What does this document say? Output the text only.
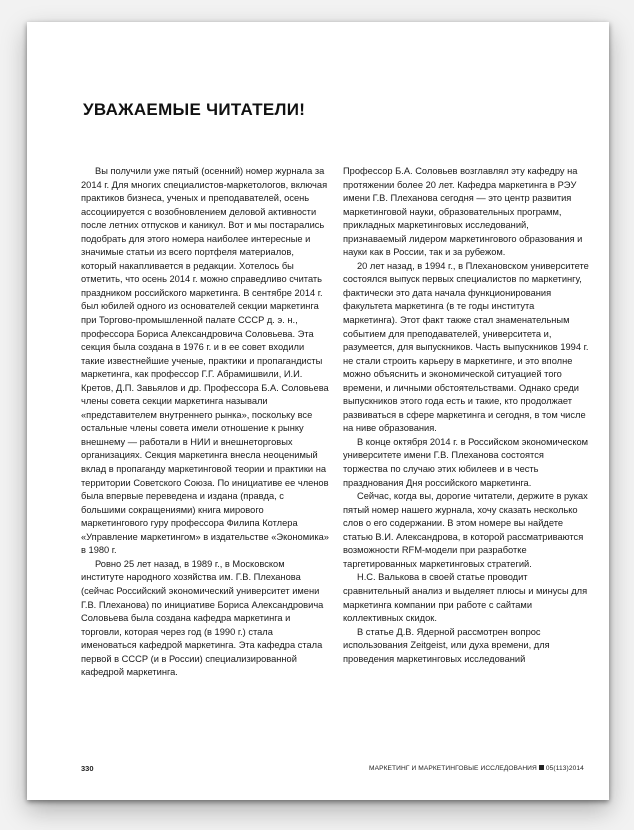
УВАЖАЕМЫЕ ЧИТАТЕЛИ!

Вы получили уже пятый (осенний) номер журнала за 2014 г. Для многих специалистов-маркетологов, включая практиков бизнеса, ученых и преподавателей, осень ассоциируется с возобновлением деловой активности после летних отпусков и каникул. Вот и мы постарались подобрать для этого номера наиболее интересные и значимые статьи из всего портфеля материалов, который накапливается в редакции. Хотелось бы отметить, что осень 2014 г. можно справедливо считать праздником российского маркетинга. В сентябре 2014 г. был юбилей одного из основателей секции маркетинга при Торгово-промышленной палате СССР д. э. н., профессора Бориса Александровича Соловьева. Эта секция была создана в 1976 г. и в ее совет входили такие известнейшие ученые, практики и пропагандисты маркетинга, как профессор Г.Г. Абрамишвили, И.И. Кретов, Д.П. Завьялов и др. Профессора Б.А. Соловьева члены совета секции маркетинга называли «представителем внутреннего рынка», поскольку все остальные члены совета имели отношение к рынку внешнему — работали в НИИ и внешнеторговых организациях. Секция маркетинга внесла неоценимый вклад в пропаганду маркетинговой теории и практики на территории Советского Союза. По инициативе ее членов была впервые переведена и издана (правда, с большими сокращениями) книга мирового маркетингового гуру профессора Филипа Котлера «Управление маркетингом» в издательстве «Экономика» в 1980 г.

Ровно 25 лет назад, в 1989 г., в Московском институте народного хозяйства им. Г.В. Плеханова (сейчас Российский экономический университет имени Г.В. Плеханова) по инициативе Бориса Александровича Соловьева была создана кафедра маркетинга и торговли, которая через год (в 1990 г.) стала именоваться кафедрой маркетинга. Эта кафедра стала первой в СССР (и в России) специализированной кафедрой маркетинга.

Профессор Б.А. Соловьев возглавлял эту кафедру на протяжении более 20 лет. Кафедра маркетинга в РЭУ имени Г.В. Плеханова сегодня — это центр развития маркетинговой науки, образовательных программ, прикладных маркетинговых исследований, признаваемый лидером маркетингового образования и науки как в России, так и за рубежом.

20 лет назад, в 1994 г., в Плехановском университете состоялся выпуск первых специалистов по маркетингу, фактически это дата начала функционирования факультета маркетинга (в те годы института маркетинга). Этот факт также стал знаменательным событием для преподавателей, университета и, разумеется, для выпускников. Часть выпускников 1994 г. не стали строить карьеру в маркетинге, и это вполне можно объяснить и экономической ситуацией того времени, и личными обстоятельствами. Однако среди выпускников этого года есть и такие, кто продолжает развиваться в сфере маркетинга и сегодня, в том числе на ниве образования.

В конце октября 2014 г. в Российском экономическом университете имени Г.В. Плеханова состоятся торжества по случаю этих юбилеев и в честь празднования Дня российского маркетинга.

Сейчас, когда вы, дорогие читатели, держите в руках пятый номер нашего журнала, хочу сказать несколько слов о его содержании. В этом номере вы найдете статью В.И. Александрова, в которой рассматриваются возможности RFM-модели при разработке таргетированных маркетинговых стратегий.

Н.С. Валькова в своей статье проводит сравнительный анализ и выделяет плюсы и минусы для маркетинга компании при работе с сайтами коллективных скидок.

В статье Д.В. Ядерной рассмотрен вопрос использования Zeitgeist, или духа времени, для проведения маркетинговых исследований

330	МАРКЕТИНГ И МАРКЕТИНГОВЫЕ ИССЛЕДОВАНИЯ 05(113)2014
